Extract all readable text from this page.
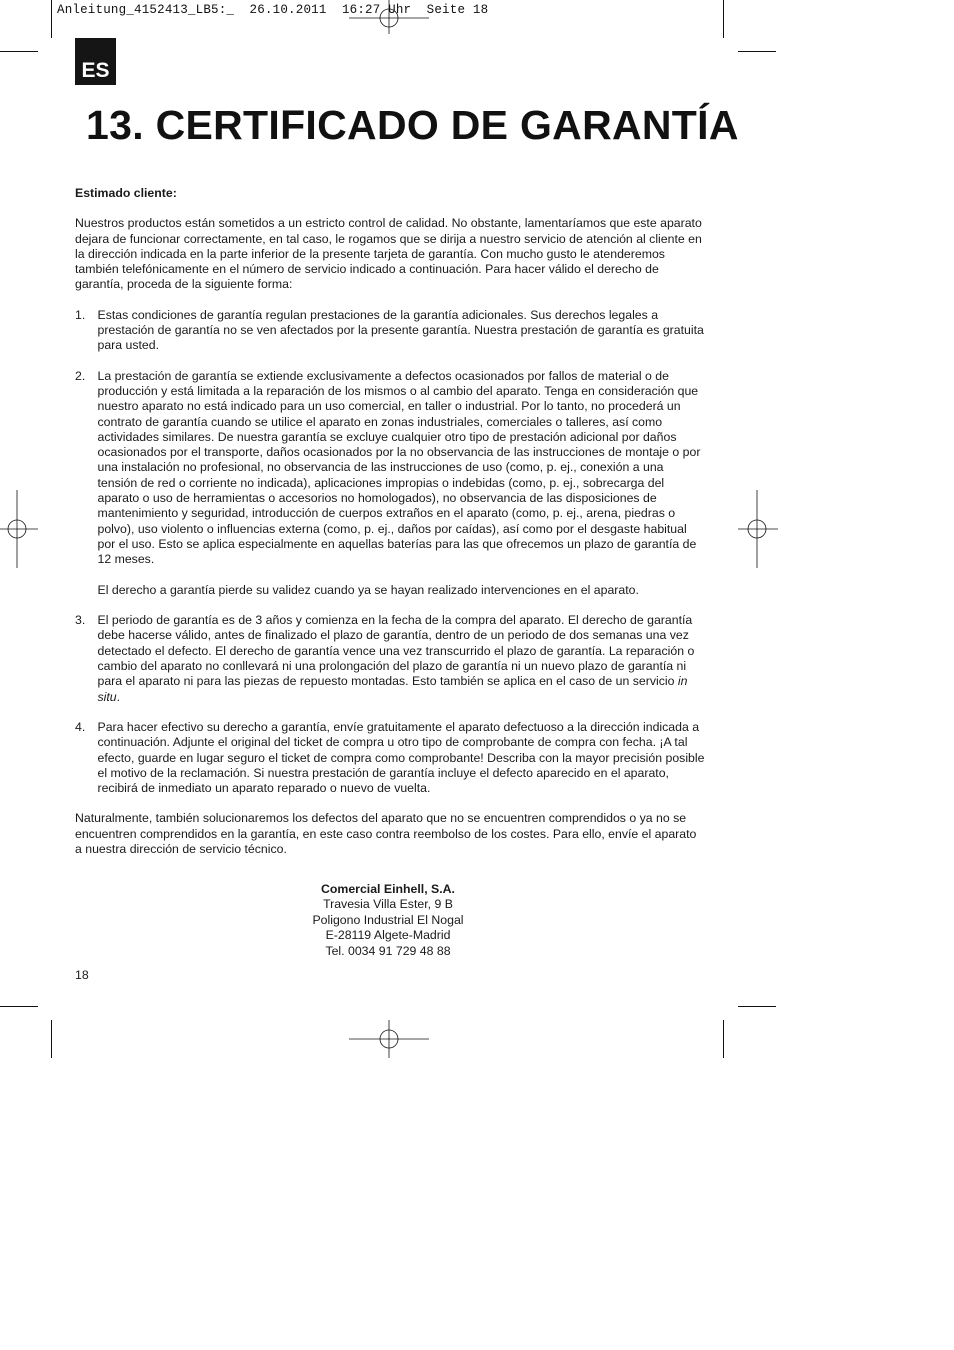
Anleitung_4152413_LB5:_  26.10.2011  16:27 Uhr  Seite 18
ES
13. CERTIFICADO DE GARANTÍA

Estimado cliente:

Nuestros productos están sometidos a un estricto control de calidad. No obstante, lamentaríamos que este aparato dejara de funcionar correctamente, en tal caso, le rogamos que se dirija a nuestro servicio de atención al cliente en la dirección indicada en la parte inferior de la presente tarjeta de garantía. Con mucho gusto le atenderemos también telefónicamente en el número de servicio indicado a continuación. Para hacer válido el derecho de garantía, proceda de la siguiente forma:

1. Estas condiciones de garantía regulan prestaciones de la garantía adicionales. Sus derechos legales a prestación de garantía no se ven afectados por la presente garantía. Nuestra prestación de garantía es gratuita para usted.

2. La prestación de garantía se extiende exclusivamente a defectos ocasionados por fallos de material o de producción y está limitada a la reparación de los mismos o al cambio del aparato. Tenga en consideración que nuestro aparato no está indicado para un uso comercial, en taller o industrial. Por lo tanto, no procederá un contrato de garantía cuando se utilice el aparato en zonas industriales, comerciales o talleres, así como actividades similares. De nuestra garantía se excluye cualquier otro tipo de prestación adicional por daños ocasionados por el transporte, daños ocasionados por la no observancia de las instrucciones de montaje o por una instalación no profesional, no observancia de las instrucciones de uso (como, p. ej., conexión a una tensión de red o corriente no indicada), aplicaciones impropias o indebidas (como, p. ej., sobrecarga del aparato o uso de herramientas o accesorios no homologados), no observancia de las disposiciones de mantenimiento y seguridad, introducción de cuerpos extraños en el aparato (como, p. ej., arena, piedras o polvo), uso violento o influencias externa (como, p. ej., daños por caídas), así como por el desgaste habitual por el uso. Esto se aplica especialmente en aquellas baterías para las que ofrecemos un plazo de garantía de 12 meses.

El derecho a garantía pierde su validez cuando ya se hayan realizado intervenciones en el aparato.

3. El periodo de garantía es de 3 años y comienza en la fecha de la compra del aparato. El derecho de garantía debe hacerse válido, antes de finalizado el plazo de garantía, dentro de un periodo de dos semanas una vez detectado el defecto. El derecho de garantía vence una vez transcurrido el plazo de garantía. La reparación o cambio del aparato no conllevará ni una prolongación del plazo de garantía ni un nuevo plazo de garantía ni para el aparato ni para las piezas de repuesto montadas. Esto también se aplica en el caso de un servicio in situ.

4. Para hacer efectivo su derecho a garantía, envíe gratuitamente el aparato defectuoso a la dirección indicada a continuación. Adjunte el original del ticket de compra u otro tipo de comprobante de compra con fecha. ¡A tal efecto, guarde en lugar seguro el ticket de compra como comprobante! Describa con la mayor precisión posible el motivo de la reclamación. Si nuestra prestación de garantía incluye el defecto aparecido en el aparato, recibirá de inmediato un aparato reparado o nuevo de vuelta.

Naturalmente, también solucionaremos los defectos del aparato que no se encuentren comprendidos o ya no se encuentren comprendidos en la garantía, en este caso contra reembolso de los costes. Para ello, envíe el aparato a nuestra dirección de servicio técnico.

Comercial Einhell, S.A.
Travesia Villa Ester, 9 B
Poligono Industrial El Nogal
E-28119 Algete-Madrid
Tel. 0034 91 729 48 88
18
